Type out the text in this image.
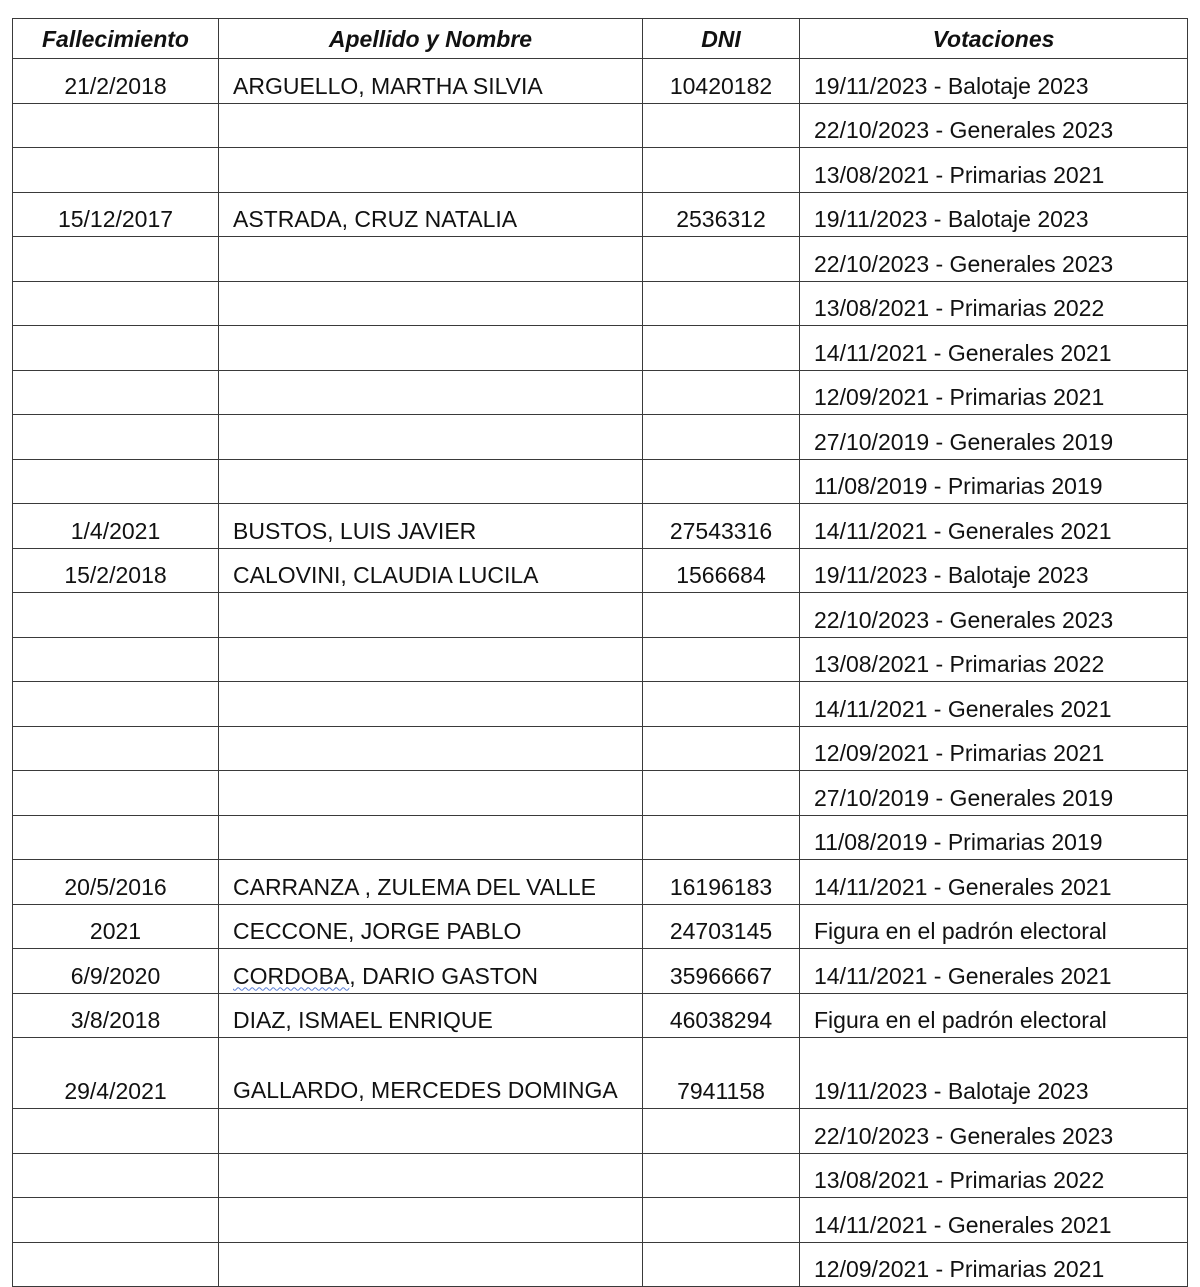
Fallecimiento	Apellido y Nombre	DNI	Votaciones
21/2/2018	ARGUELLO, MARTHA SILVIA	10420182	19/11/2023 - Balotaje 2023
			22/10/2023 - Generales 2023
			13/08/2021 - Primarias 2021
15/12/2017	ASTRADA, CRUZ NATALIA	2536312	19/11/2023 - Balotaje 2023
			22/10/2023 - Generales 2023
			13/08/2021 - Primarias 2022
			14/11/2021 - Generales 2021
			12/09/2021 - Primarias 2021
			27/10/2019 - Generales 2019
			11/08/2019 - Primarias 2019
1/4/2021	BUSTOS, LUIS JAVIER	27543316	14/11/2021 - Generales 2021
15/2/2018	CALOVINI, CLAUDIA LUCILA	1566684	19/11/2023 - Balotaje 2023
			22/10/2023 - Generales 2023
			13/08/2021 - Primarias 2022
			14/11/2021 - Generales 2021
			12/09/2021 - Primarias 2021
			27/10/2019 - Generales 2019
			11/08/2019 - Primarias 2019
20/5/2016	CARRANZA , ZULEMA DEL VALLE	16196183	14/11/2021 - Generales 2021
2021	CECCONE, JORGE PABLO	24703145	Figura en el padrón electoral
6/9/2020	CORDOBA, DARIO GASTON	35966667	14/11/2021 - Generales 2021
3/8/2018	DIAZ, ISMAEL ENRIQUE	46038294	Figura en el padrón electoral
29/4/2021	GALLARDO, MERCEDES DOMINGA	7941158	19/11/2023 - Balotaje 2023
			22/10/2023 - Generales 2023
			13/08/2021 - Primarias 2022
			14/11/2021 - Generales 2021
			12/09/2021 - Primarias 2021
